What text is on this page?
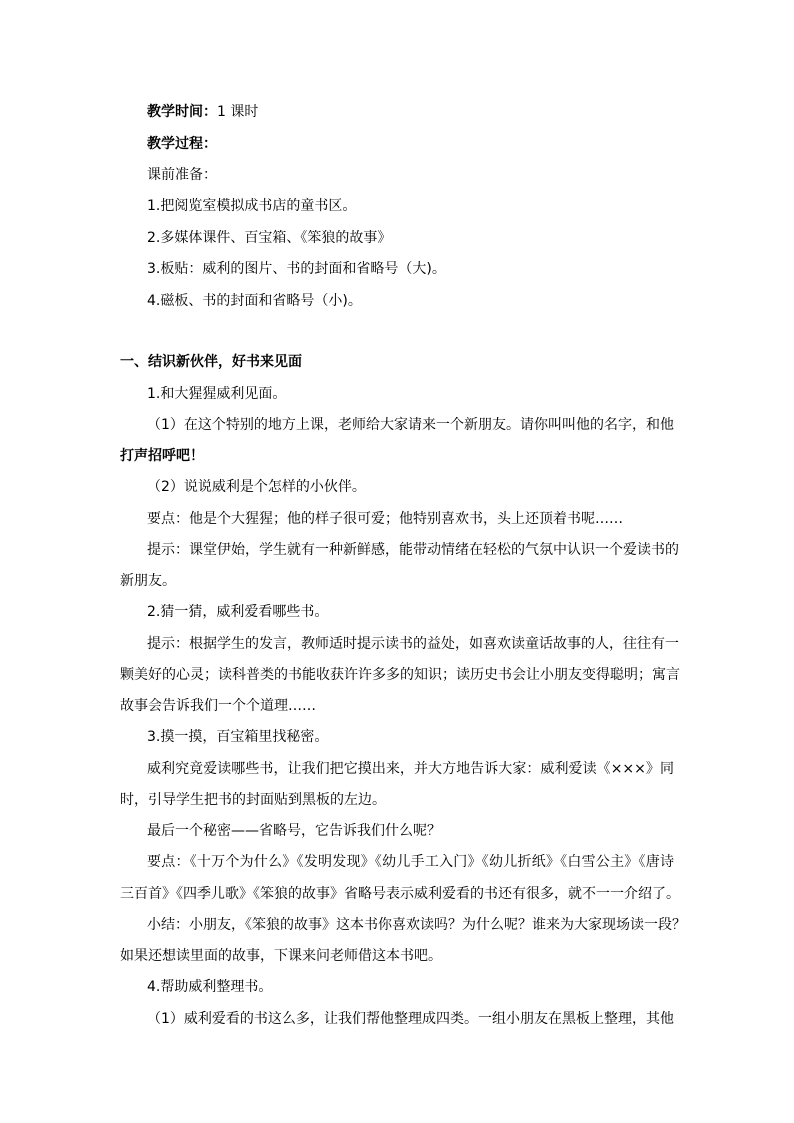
教学时间：1 课时
教学过程：
课前准备：
1.把阅览室模拟成书店的童书区。
2.多媒体课件、百宝箱、《笨狼的故事》
3.板贴：威利的图片、书的封面和省略号（大)。
4.磁板、书的封面和省略号（小)。
一、结识新伙伴，好书来见面
1.和大猩猩威利见面。
（1）在这个特别的地方上课，老师给大家请来一个新朋友。请你叫叫他的名字，和他
打声招呼吧！
（2）说说威利是个怎样的小伙伴。
要点：他是个大猩猩；他的样子很可爱；他特别喜欢书，头上还顶着书呢……
提示：课堂伊始，学生就有一种新鲜感，能带动情绪在轻松的气氛中认识一个爱读书的
新朋友。
2.猜一猜，威利爱看哪些书。
提示：根据学生的发言，教师适时提示读书的益处，如喜欢读童话故事的人，往往有一
颗美好的心灵；读科普类的书能收获许许多多的知识；读历史书会让小朋友变得聪明；寓言
故事会告诉我们一个个道理……
3.摸一摸，百宝箱里找秘密。
威利究竟爱读哪些书，让我们把它摸出来，并大方地告诉大家：威利爱读《×××》同
时，引导学生把书的封面贴到黑板的左边。
最后一个秘密——省略号，它告诉我们什么呢？
要点：《十万个为什么》《发明发现》《幼儿手工入门》《幼儿折纸》《白雪公主》《唐诗
三百首》《四季儿歌》《笨狼的故事》省略号表示威利爱看的书还有很多，就不一一介绍了。
小结：小朋友，《笨狼的故事》这本书你喜欢读吗？为什么呢？谁来为大家现场读一段？
如果还想读里面的故事，下课来问老师借这本书吧。
4.帮助威利整理书。
（1）威利爱看的书这么多，让我们帮他整理成四类。一组小朋友在黑板上整理，其他
